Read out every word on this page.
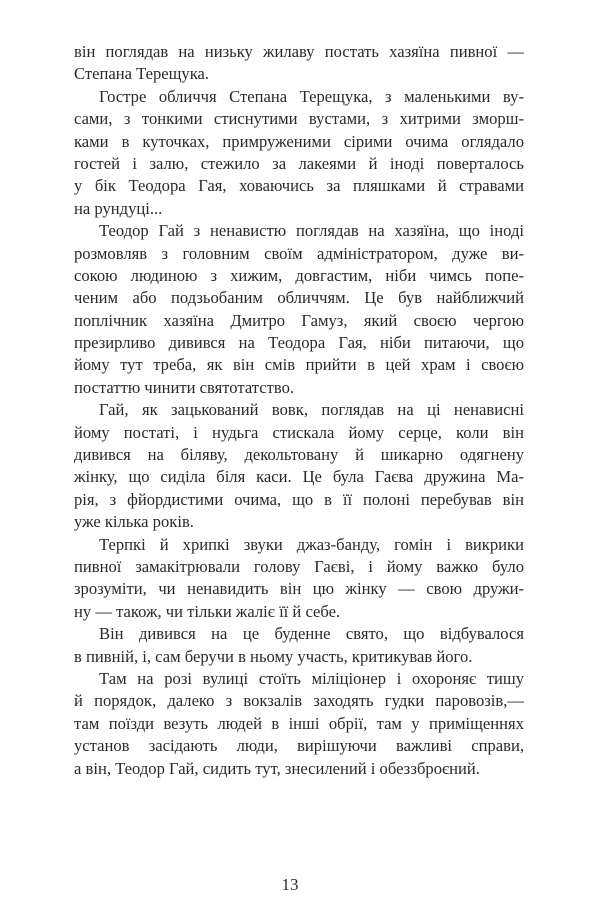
він поглядав на низьку жилаву постать хазяїна пивної —
Степана Терещука.
Гостре обличчя Степана Терещука, з маленькими ву-
сами, з тонкими стиснутими вустами, з хитрими зморш-
ками в куточках, примруженими сірими очима оглядало
гостей і залю, стежило за лакеями й іноді поверталось
у бік Теодора Гая, ховаючись за пляшками й стравами
на рундуці...
Теодор Гай з ненавистю поглядав на хазяїна, що іноді
розмовляв з головним своїм адміністратором, дуже ви-
сокою людиною з хижим, довгастим, ніби чимсь попе-
ченим або подзьобаним обличчям. Це був найближчий
поплічник хазяїна Дмитро Гамуз, який своєю чергою
презирливо дивився на Теодора Гая, ніби питаючи, що
йому тут треба, як він смів прийти в цей храм і своєю
постаттю чинити святотатство.
Гай, як зацькований вовк, поглядав на ці ненависні
йому постаті, і нудьга стискала йому серце, коли він
дивився на біляву, декольтовану й шикарно одягнену
жінку, що сиділа біля каси. Це була Гаєва дружина Ма-
рія, з фйордистими очима, що в її полоні перебував він
уже кілька років.
Терпкі й хрипкі звуки джаз-банду, гомін і викрики
пивної замакітрювали голову Гаєві, і йому важко було
зрозуміти, чи ненавидить він цю жінку — свою дружи-
ну — також, чи тільки жаліє її й себе.
Він дивився на це буденне свято, що відбувалося
в пивній, і, сам беручи в ньому участь, критикував його.
Там на розі вулиці стоїть міліціонер і охороняє тишу
й порядок, далеко з вокзалів заходять гудки паровозів,—
там поїзди везуть людей в інші обрії, там у приміщеннях
установ засідають люди, вирішуючи важливі справи,
а він, Теодор Гай, сидить тут, знесилений і обеззброєний.
13
